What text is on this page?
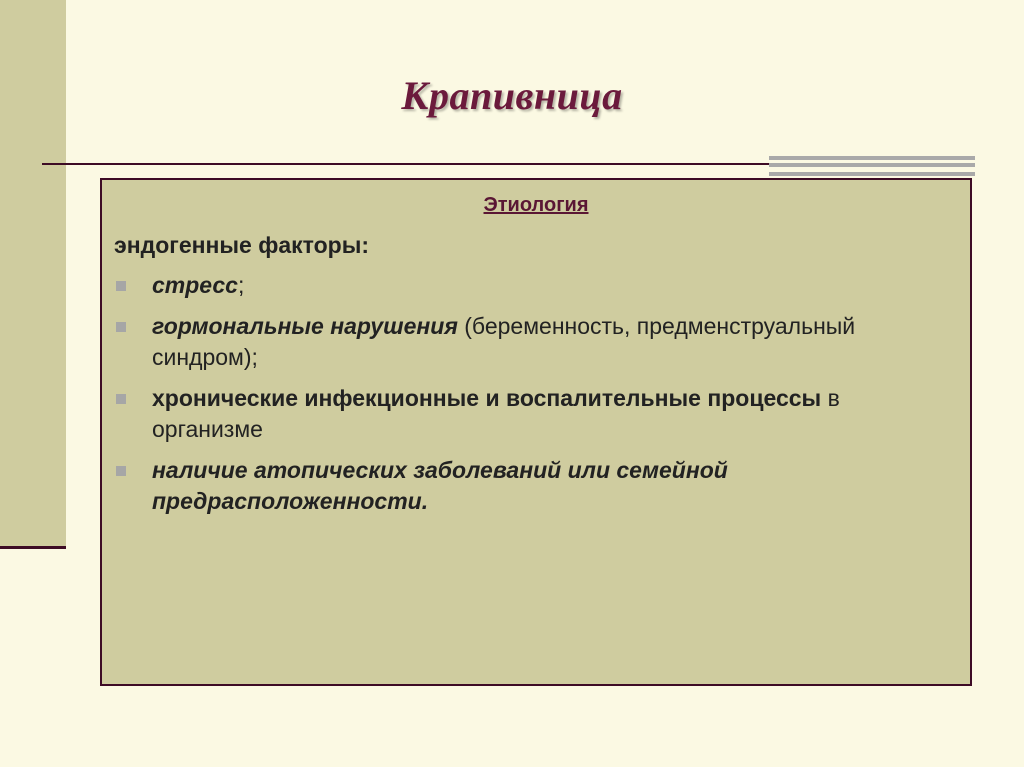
Крапивница
Этиология
эндогенные факторы:
стресс;
гормональные нарушения (беременность, предменструальный синдром);
хронические инфекционные и воспалительные процессы в организме
наличие атопических заболеваний или семейной предрасположенности.
